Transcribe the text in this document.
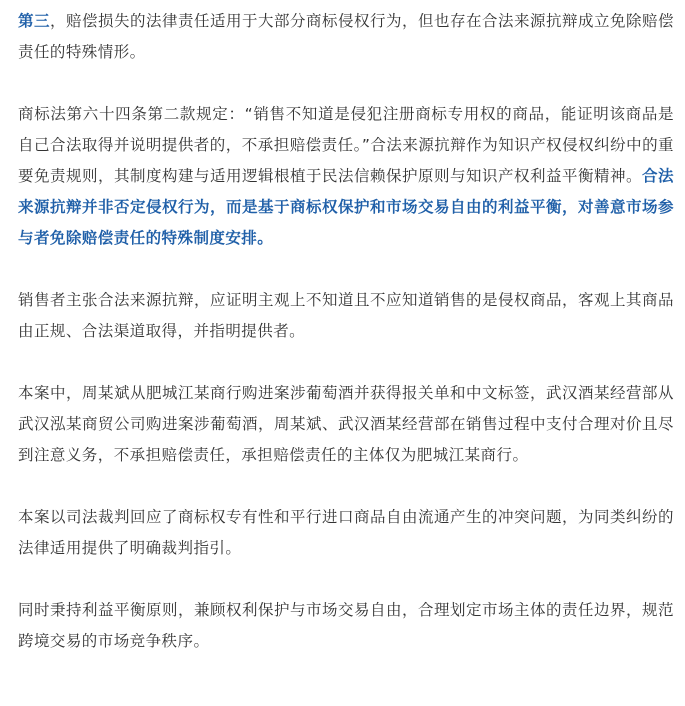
第三，赔偿损失的法律责任适用于大部分商标侵权行为，但也存在合法来源抗辩成立免除赔偿责任的特殊情形。

商标法第六十四条第二款规定：“销售不知道是侵犯注册商标专用权的商品，能证明该商品是自己合法取得并说明提供者的，不承担赔偿责任。”合法来源抗辩作为知识产权侵权纠纷中的重要免责规则，其制度构建与适用逻辑根植于民法信赖保护原则与知识产权利益平衡精神。合法来源抗辩并非否定侵权行为，而是基于商标权保护和市场交易自由的利益平衡，对善意市场参与者免除赔偿责任的特殊制度安排。

销售者主张合法来源抗辩，应证明主观上不知道且不应知道销售的是侵权商品，客观上其商品由正规、合法渠道取得，并指明提供者。

本案中，周某斌从肥城江某商行购进案涉葡萄酒并获得报关单和中文标签，武汉酒某经营部从武汉泓某商贸公司购进案涉葡萄酒，周某斌、武汉酒某经营部在销售过程中支付合理对价且尽到注意义务，不承担赔偿责任，承担赔偿责任的主体仅为肥城江某商行。

本案以司法裁判回应了商标权专有性和平行进口商品自由流通产生的冲突问题，为同类纠纷的法律适用提供了明确裁判指引。

同时秉持利益平衡原则，兼顾权利保护与市场交易自由，合理划定市场主体的责任边界，规范跨境交易的市场竞争秩序。
